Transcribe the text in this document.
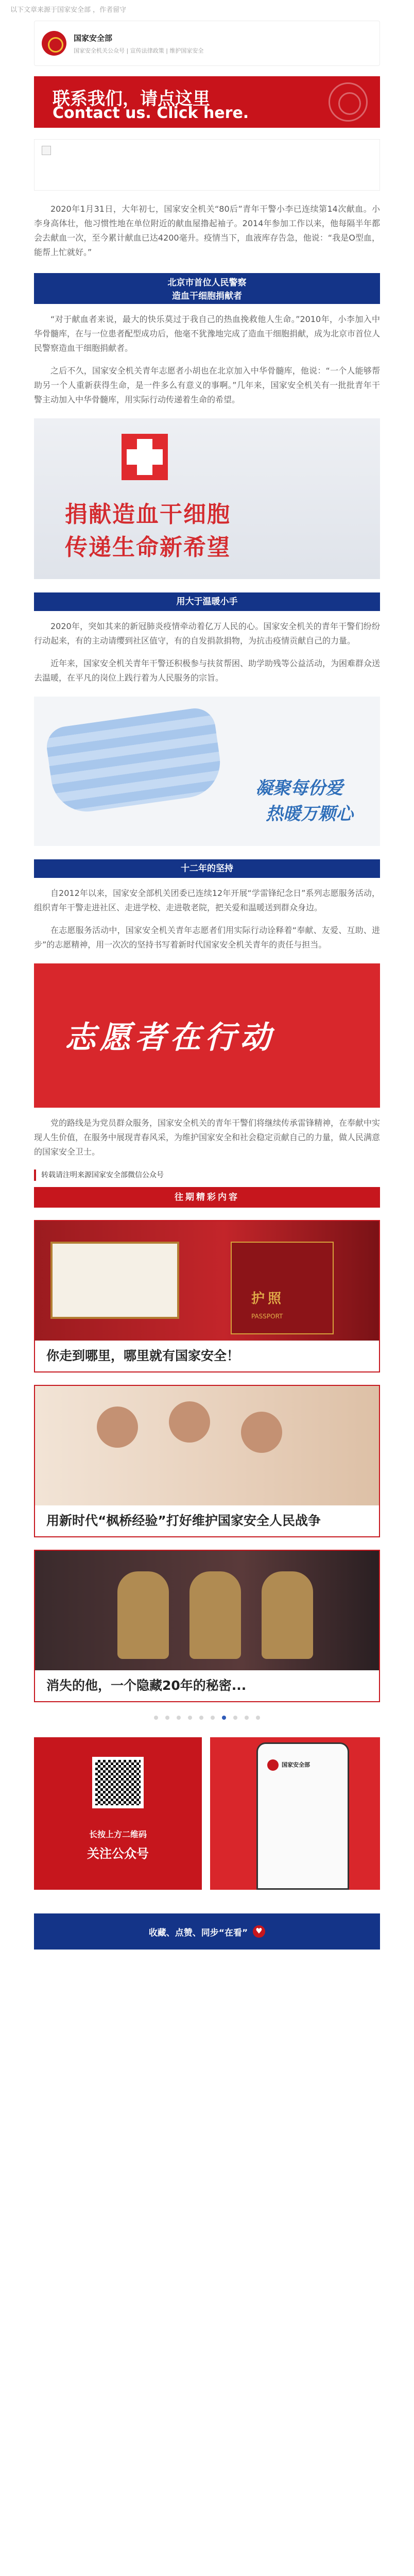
以下文章来源于国家安全部 ，作者留守
国家安全部
国家安全机关公众号 | 宣传法律政策 | 维护国家安全
联系我们，请点这里
Contact us. Click here.

2020年1月31日，大年初七，国家安全机关“80后”青年干警小李已连续第14次献血。小李身高体壮，他习惯性地在单位附近的献血屋撸起袖子。2014年参加工作以来，他每隔半年都会去献血一次，至今累计献血已达4200毫升。疫情当下，血液库存告急，他说：“我是O型血，能帮上忙就好。”

北京市首位人民警察
造血干细胞捐献者

“对于献血者来说，最大的快乐莫过于我自己的热血挽救他人生命。”2010年，小李加入中华骨髓库，在与一位患者配型成功后，他毫不犹豫地完成了造血干细胞捐献，成为北京市首位人民警察造血干细胞捐献者。

之后不久，国家安全机关青年志愿者小胡也在北京加入中华骨髓库，他说：“一个人能够帮助另一个人重新获得生命，是一件多么有意义的事啊。”几年来，国家安全机关有一批批青年干警主动加入中华骨髓库，用实际行动传递着生命的希望。

捐献造血干细胞
传递生命新希望
用大于温暖小手

2020年，突如其来的新冠肺炎疫情牵动着亿万人民的心。国家安全机关的青年干警们纷纷行动起来，有的主动请缨到社区值守，有的自发捐款捐物，为抗击疫情贡献自己的力量。

近年来，国家安全机关青年干警还积极参与扶贫帮困、助学助残等公益活动，为困难群众送去温暖，在平凡的岗位上践行着为人民服务的宗旨。

凝聚每份爱
热暖万颗心
十二年的坚持

自2012年以来，国家安全部机关团委已连续12年开展“学雷锋纪念日”系列志愿服务活动，组织青年干警走进社区、走进学校、走进敬老院，把关爱和温暖送到群众身边。

在志愿服务活动中，国家安全机关青年志愿者们用实际行动诠释着“奉献、友爱、互助、进步”的志愿精神，用一次次的坚持书写着新时代国家安全机关青年的责任与担当。

志愿者在行动

党的路线是为党员群众服务，国家安全机关的青年干警们将继续传承雷锋精神，在奉献中实现人生价值，在服务中展现青春风采，为维护国家安全和社会稳定贡献自己的力量，做人民满意的国家安全卫士。

转载请注明来源国家安全部微信公众号
往期精彩内容
护照
PASSPORT
你走到哪里，哪里就有国家安全！
用新时代“枫桥经验”打好维护国家安全人民战争
消失的他，一个隐藏20年的秘密...
长按上方二维码
关注公众号
国家安全部
收藏、点赞、同步“在看”
♥
